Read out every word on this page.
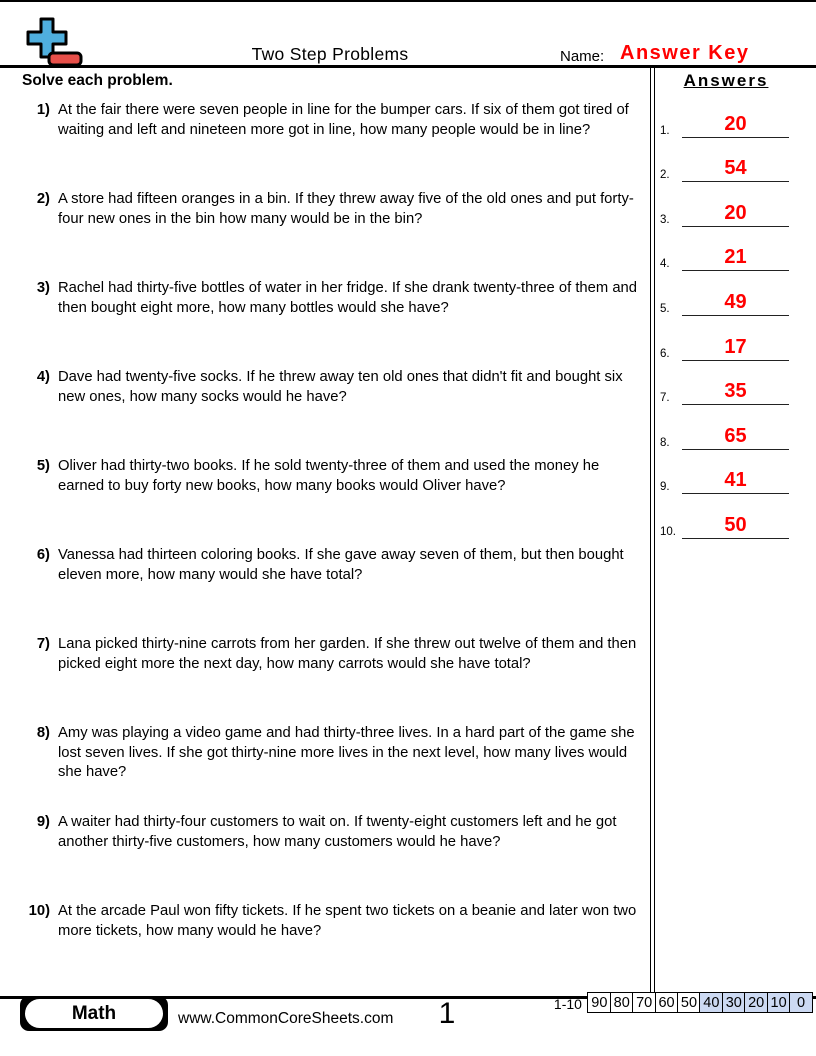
Two Step Problems	Name: Answer Key
Solve each problem.	Answers
1.	20
2.	54
3.	20
4.	21
5.	49
6.	17
7.	35
8.	65
9.	41
10.	50
1) At the fair there were seven people in line for the bumper cars. If six of them got tired of waiting and left and nineteen more got in line, how many people would be in line?
2) A store had fifteen oranges in a bin. If they threw away five of the old ones and put forty-four new ones in the bin how many would be in the bin?
3) Rachel had thirty-five bottles of water in her fridge. If she drank twenty-three of them and then bought eight more, how many bottles would she have?
4) Dave had twenty-five socks. If he threw away ten old ones that didn't fit and bought six new ones, how many socks would he have?
5) Oliver had thirty-two books. If he sold twenty-three of them and used the money he earned to buy forty new books, how many books would Oliver have?
6) Vanessa had thirteen coloring books. If she gave away seven of them, but then bought eleven more, how many would she have total?
7) Lana picked thirty-nine carrots from her garden. If she threw out twelve of them and then picked eight more the next day, how many carrots would she have total?
8) Amy was playing a video game and had thirty-three lives. In a hard part of the game she lost seven lives. If she got thirty-nine more lives in the next level, how many lives would she have?
9) A waiter had thirty-four customers to wait on. If twenty-eight customers left and he got another thirty-five customers, how many customers would he have?
10) At the arcade Paul won fifty tickets. If he spent two tickets on a beanie and later won two more tickets, how many would he have?
Math	www.CommonCoreSheets.com	1	1-10 90 80 70 60 50 40 30 20 10 0
